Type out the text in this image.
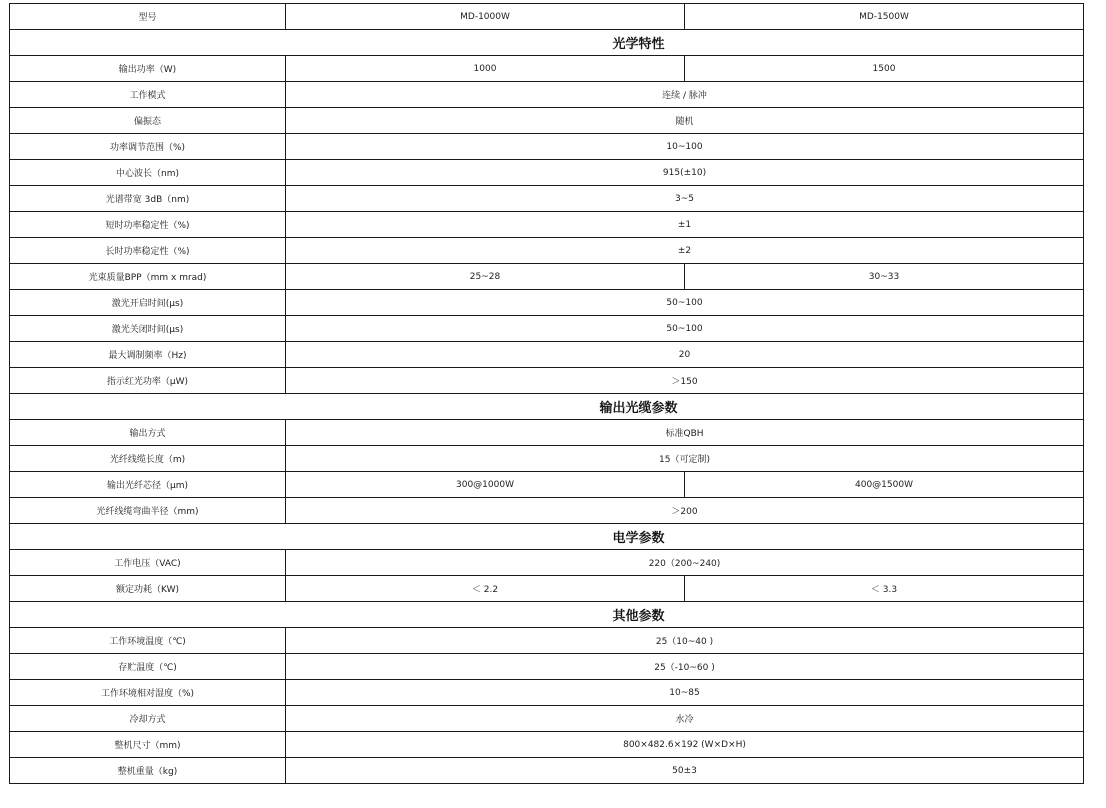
型号	MD-1000W	MD-1500W
光学特性		
输出功率（W)	1000	1500
工作模式	连续 / 脉冲	
偏振态	随机	
功率调节范围（%)	10~100	
中心波长（nm)	915(±10)	
光谱带宽 3dB（nm)	3~5	
短时功率稳定性（%)	±1	
长时功率稳定性（%)	±2	
光束质量BPP（mm x mrad)	25~28	30~33
激光开启时间(μs)	50~100	
激光关闭时间(μs)	50~100	
最大调制频率（Hz)	20	
指示红光功率（μW)	＞150	
输出光缆参数		
输出方式	标准QBH	
光纤线缆长度（m)	15（可定制)	
输出光纤芯径（μm)	300@1000W	400@1500W
光纤线缆弯曲半径（mm)	＞200	
电学参数		
工作电压（VAC)	220（200~240)	
额定功耗（KW)	＜ 2.2	＜ 3.3
其他参数		
工作环境温度（℃)	25（10~40 )	
存贮温度（℃)	25（-10~60 )	
工作环境相对湿度（%)	10~85	
冷却方式	水冷	
整机尺寸（mm)	800×482.6×192 (W×D×H)	
整机重量（kg)	50±3	
